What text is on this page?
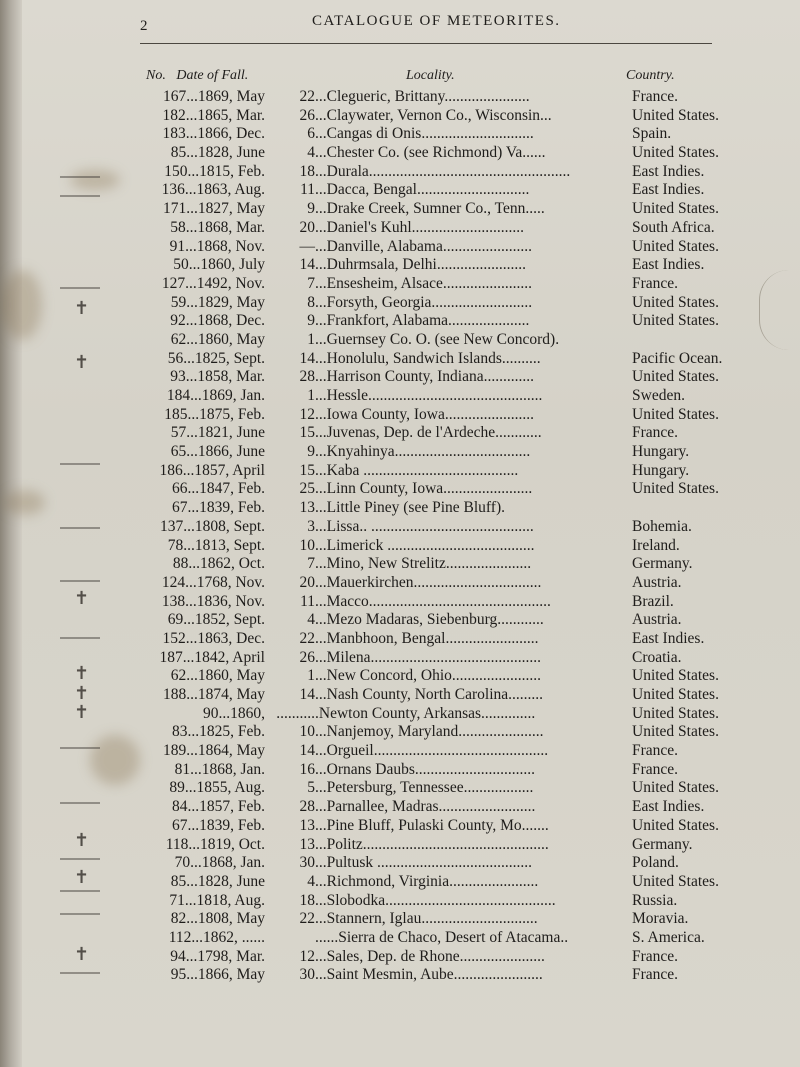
2	CATALOGUE OF METEORITES.
No.   Date of Fall.	Locality.	Country.
✝
✝
✝
✝
✝
✝
✝
✝
✝
167...1869, May	22 ...Clegueric, Brittany......................	France.
182...1865, Mar.	26 ...Claywater, Vernon Co., Wisconsin...	United States.
183...1866, Dec.	6 ...Cangas di Onis.............................	Spain.
85...1828, June	4 ...Chester Co. (see Richmond) Va......	United States.
150...1815, Feb.	18 ...Durala....................................................	East Indies.
136...1863, Aug.	11 ...Dacca, Bengal.............................	East Indies.
171...1827, May	9 ...Drake Creek, Sumner Co., Tenn.....	United States.
58...1868, Mar.	20 ...Daniel's Kuhl.............................	South Africa.
91...1868, Nov.	— ...Danville, Alabama.......................	United States.
50...1860, July	14 ...Duhrmsala, Delhi.......................	East Indies.
127...1492, Nov.	7 ...Ensesheim, Alsace.......................	France.
59...1829, May	8 ...Forsyth, Georgia..........................	United States.
92...1868, Dec.	9 ...Frankfort, Alabama.....................	United States.
62...1860, May	1 ...Guernsey Co. O. (see New Concord).
56...1825, Sept.	14 ...Honolulu, Sandwich Islands..........	Pacific Ocean.
93...1858, Mar.	28 ...Harrison County, Indiana.............	United States.
184...1869, Jan.	1 ...Hessle.............................................	Sweden.
185...1875, Feb.	12 ...Iowa County, Iowa.......................	United States.
57...1821, June	15 ...Juvenas, Dep. de l'Ardeche............	France.
65...1866, June	9 ...Knyahinya...................................	Hungary.
186...1857, April	15 ...Kaba ........................................	Hungary.
66...1847, Feb.	25 ...Linn County, Iowa.......................	United States.
67...1839, Feb.	13 ...Little Piney (see Pine Bluff).
137...1808, Sept.	3 ...Lissa.. ..........................................	Bohemia.
78...1813, Sept.	10 ...Limerick ......................................	Ireland.
88...1862, Oct.	7 ...Mino, New Strelitz......................	Germany.
124...1768, Nov.	20 ...Mauerkirchen.................................	Austria.
138...1836, Nov.	11 ...Macco...............................................	Brazil.
69...1852, Sept.	4 ...Mezo Madaras, Siebenburg............	Austria.
152...1863, Dec.	22 ...Manbhoon, Bengal........................	East Indies.
187...1842, April	26 ...Milena............................................	Croatia.
62...1860, May	1 ...New Concord, Ohio.......................	United States.
188...1874, May	14 ...Nash County, North Carolina.........	United States.
90...1860, .......... .Newton County, Arkansas..............	United States.
83...1825, Feb.	10 ...Nanjemoy, Maryland......................	United States.
189...1864, May	14 ...Orgueil.............................................	France.
81...1868, Jan.	16 ...Ornans Daubs...............................	France.
89...1855, Aug.	5 ...Petersburg, Tennessee..................	United States.
84...1857, Feb.	28 ...Parnallee, Madras.........................	East Indies.
67...1839, Feb.	13 ...Pine Bluff, Pulaski County, Mo.......	United States.
118...1819, Oct.	13 ...Politz................................................	Germany.
70...1868, Jan.	30 ...Pultusk ........................................	Poland.
85...1828, June	4 ...Richmond, Virginia.......................	United States.
71...1818, Aug.	18 ...Slobodka............................................	Russia.
82...1808, May	22 ...Stannern, Iglau..............................	Moravia.
112...1862, ......	......Sierra de Chaco, Desert of Atacama..	S. America.
94...1798, Mar.	12 ...Sales, Dep. de Rhone......................	France.
95...1866, May	30 ...Saint Mesmin, Aube.......................	France.
